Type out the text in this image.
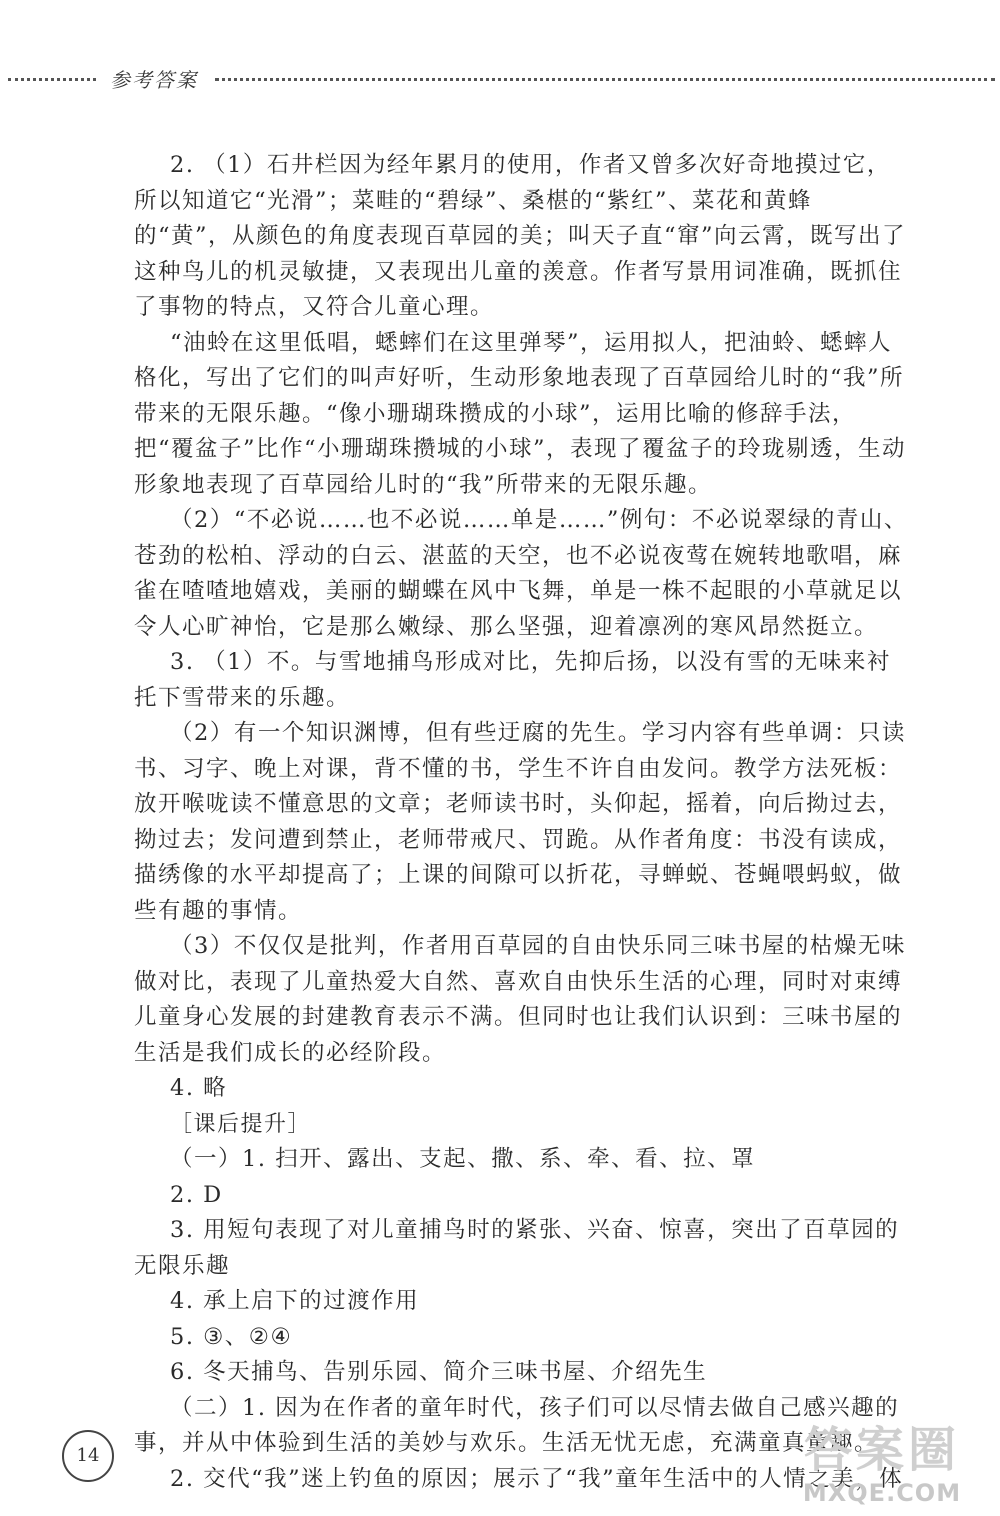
参考答案

2. （1）石井栏因为经年累月的使用，作者又曾多次好奇地摸过它，所以知道它“光滑”；菜畦的“碧绿”、桑椹的“紫红”、菜花和黄蜂的“黄”，从颜色的角度表现百草园的美；叫天子直“窜”向云霄，既写出了这种鸟儿的机灵敏捷，又表现出儿童的羡意。作者写景用词准确，既抓住了事物的特点，又符合儿童心理。

“油蛉在这里低唱，蟋蟀们在这里弹琴”，运用拟人，把油蛉、蟋蟀人格化，写出了它们的叫声好听，生动形象地表现了百草园给儿时的“我”所带来的无限乐趣。“像小珊瑚珠攒成的小球”，运用比喻的修辞手法，把“覆盆子”比作“小珊瑚珠攒城的小球”，表现了覆盆子的玲珑剔透，生动形象地表现了百草园给儿时的“我”所带来的无限乐趣。

（2）“不必说……也不必说……单是……”例句：不必说翠绿的青山、苍劲的松柏、浮动的白云、湛蓝的天空，也不必说夜莺在婉转地歌唱，麻雀在喳喳地嬉戏，美丽的蝴蝶在风中飞舞，单是一株不起眼的小草就足以令人心旷神怡，它是那么嫩绿、那么坚强，迎着凛冽的寒风昂然挺立。

3. （1）不。与雪地捕鸟形成对比，先抑后扬，以没有雪的无味来衬托下雪带来的乐趣。

（2）有一个知识渊博，但有些迂腐的先生。学习内容有些单调：只读书、习字、晚上对课，背不懂的书，学生不许自由发问。教学方法死板：放开喉咙读不懂意思的文章；老师读书时，头仰起，摇着，向后拗过去，拗过去；发问遭到禁止，老师带戒尺、罚跪。从作者角度：书没有读成，描绣像的水平却提高了；上课的间隙可以折花，寻蝉蜕、苍蝇喂蚂蚁，做些有趣的事情。

（3）不仅仅是批判，作者用百草园的自由快乐同三味书屋的枯燥无味做对比，表现了儿童热爱大自然、喜欢自由快乐生活的心理，同时对束缚儿童身心发展的封建教育表示不满。但同时也让我们认识到：三味书屋的生活是我们成长的必经阶段。

4. 略

［课后提升］

（一）1. 扫开、露出、支起、撒、系、牵、看、拉、罩

2. D

3. 用短句表现了对儿童捕鸟时的紧张、兴奋、惊喜，突出了百草园的无限乐趣

4. 承上启下的过渡作用

5. ③、②④

6. 冬天捕鸟、告别乐园、简介三味书屋、介绍先生

（二）1. 因为在作者的童年时代，孩子们可以尽情去做自己感兴趣的事，并从中体验到生活的美妙与欢乐。生活无忧无虑，充满童真童趣。

2. 交代“我”迷上钓鱼的原因；展示了“我”童年生活中的人情之美，体

14	答案圈
MXQE.COM
